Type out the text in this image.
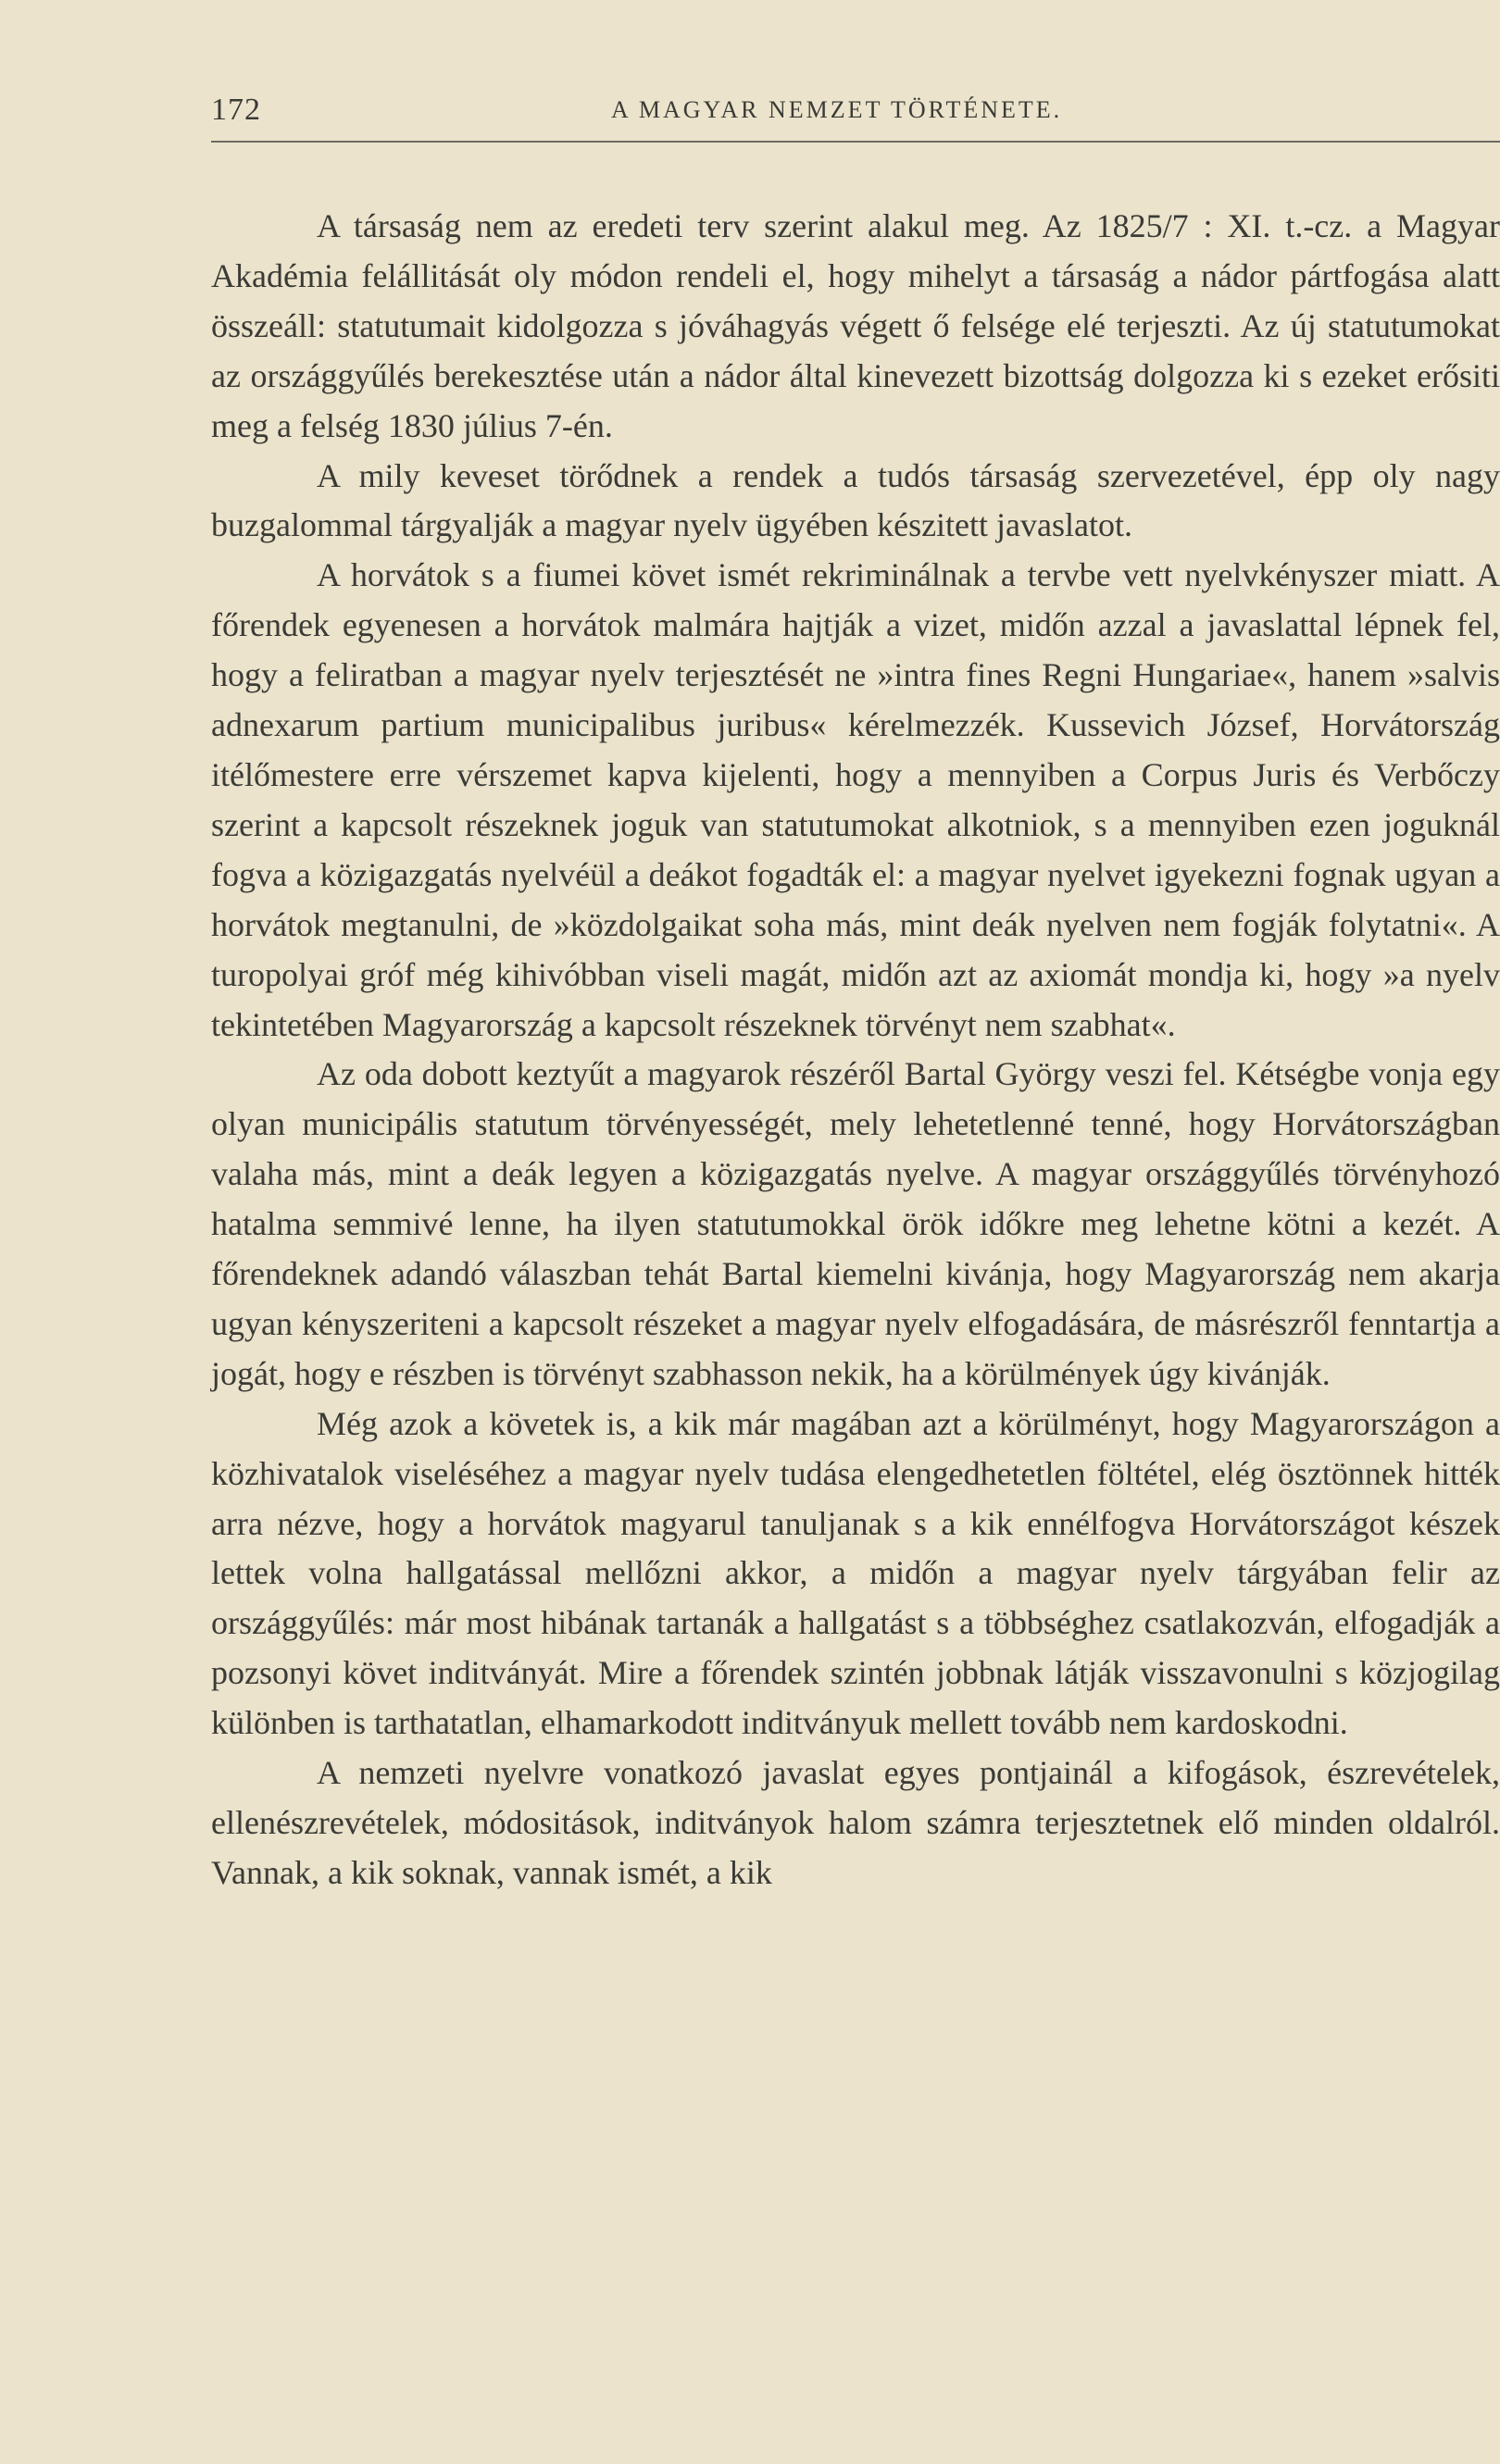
172	A MAGYAR NEMZET TÖRTÉNETE.

A társaság nem az eredeti terv szerint alakul meg. Az 1825/7 : XI. t.-cz. a Magyar Akadémia felállitását oly módon rendeli el, hogy mihelyt a társaság a nádor pártfogása alatt összeáll: statutumait kidolgozza s jóváhagyás végett ő felsége elé terjeszti. Az új statutumokat az országgyűlés berekesztése után a nádor által kinevezett bizottság dolgozza ki s ezeket erősiti meg a felség 1830 július 7-én.

A mily keveset törődnek a rendek a tudós társaság szervezetével, épp oly nagy buzgalommal tárgyalják a magyar nyelv ügyében készitett javaslatot.

A horvátok s a fiumei követ ismét rekriminálnak a tervbe vett nyelvkényszer miatt. A főrendek egyenesen a horvátok malmára hajtják a vizet, midőn azzal a javaslattal lépnek fel, hogy a feliratban a magyar nyelv terjesztését ne »intra fines Regni Hungariae«, hanem »salvis adnexarum partium municipalibus juribus« kérelmezzék. Kussevich József, Horvátország itélőmestere erre vérszemet kapva kijelenti, hogy a mennyiben a Corpus Juris és Verbőczy szerint a kapcsolt részeknek joguk van statutumokat alkotniok, s a mennyiben ezen joguknál fogva a közigazgatás nyelvéül a deákot fogadták el: a magyar nyelvet igyekezni fognak ugyan a horvátok megtanulni, de »közdolgaikat soha más, mint deák nyelven nem fogják folytatni«. A turopolyai gróf még kihivóbban viseli magát, midőn azt az axiomát mondja ki, hogy »a nyelv tekintetében Magyarország a kapcsolt részeknek törvényt nem szabhat«.

Az oda dobott keztyűt a magyarok részéről Bartal György veszi fel. Kétségbe vonja egy olyan municipális statutum törvényességét, mely lehetetlenné tenné, hogy Horvátországban valaha más, mint a deák legyen a közigazgatás nyelve. A magyar országgyűlés törvényhozó hatalma semmivé lenne, ha ilyen statutumokkal örök időkre meg lehetne kötni a kezét. A főrendeknek adandó válaszban tehát Bartal kiemelni kivánja, hogy Magyarország nem akarja ugyan kényszeriteni a kapcsolt részeket a magyar nyelv elfogadására, de másrészről fenntartja a jogát, hogy e részben is törvényt szabhasson nekik, ha a körülmények úgy kivánják.

Még azok a követek is, a kik már magában azt a körülményt, hogy Magyarországon a közhivatalok viseléséhez a magyar nyelv tudása elengedhetetlen föltétel, elég ösztönnek hitték arra nézve, hogy a horvátok magyarul tanuljanak s a kik ennélfogva Horvátországot készek lettek volna hallgatással mellőzni akkor, a midőn a magyar nyelv tárgyában felir az országgyűlés: már most hibának tartanák a hallgatást s a többséghez csatlakozván, elfogadják a pozsonyi követ inditványát. Mire a főrendek szintén jobbnak látják visszavonulni s közjogilag különben is tarthatatlan, elhamarkodott inditványuk mellett tovább nem kardoskodni.

A nemzeti nyelvre vonatkozó javaslat egyes pontjainál a kifogások, észrevételek, ellenészrevételek, módositások, inditványok halom számra terjesztetnek elő minden oldalról. Vannak, a kik soknak, vannak ismét, a kik
